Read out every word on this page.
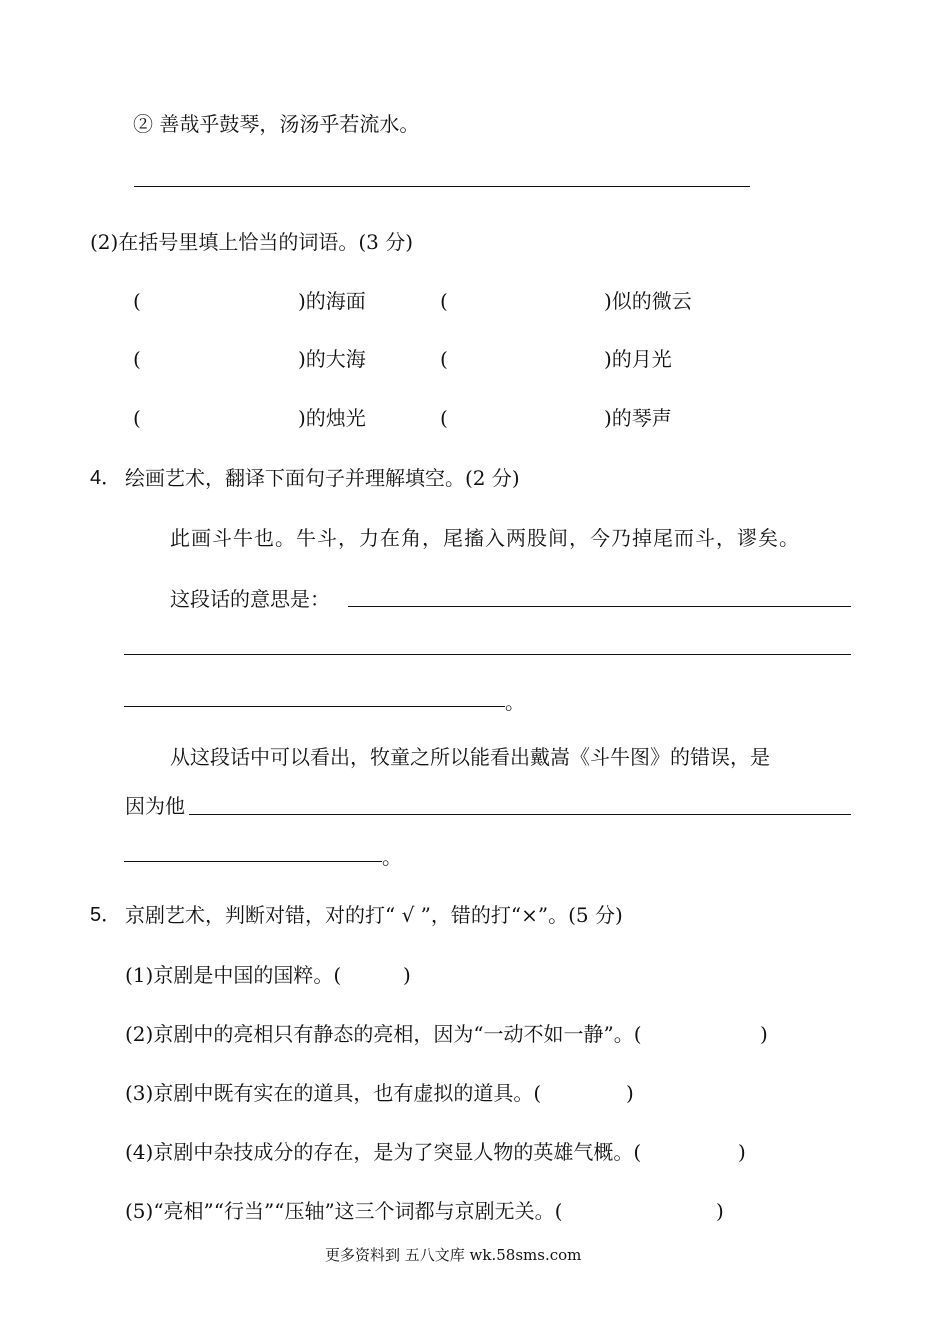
② 善哉乎鼓琴，汤汤乎若流水。
(2)在括号里填上恰当的词语。(3 分)
(	)的海面	(	)似的微云
(	)的大海	(	)的月光
(	)的烛光	(	)的琴声
4． 绘画艺术，翻译下面句子并理解填空。(2 分)
此画斗牛也。牛斗，力在角，尾搐入两股间，今乃掉尾而斗，谬矣。
这段话的意思是：
。
从这段话中可以看出，牧童之所以能看出戴嵩《斗牛图》的错误，是
因为他
。
5． 京剧艺术，判断对错，对的打“ √ ”，错的打“×”。(5 分)
(1)京剧是中国的国粹。(	)
(2)京剧中的亮相只有静态的亮相，因为“一动不如一静”。(	)
(3)京剧中既有实在的道具，也有虚拟的道具。(	)
(4)京剧中杂技成分的存在，是为了突显人物的英雄气概。(	)
(5)“亮相”“行当”“压轴”这三个词都与京剧无关。(	)
更多资料到 五八文库 wk.58sms.com
